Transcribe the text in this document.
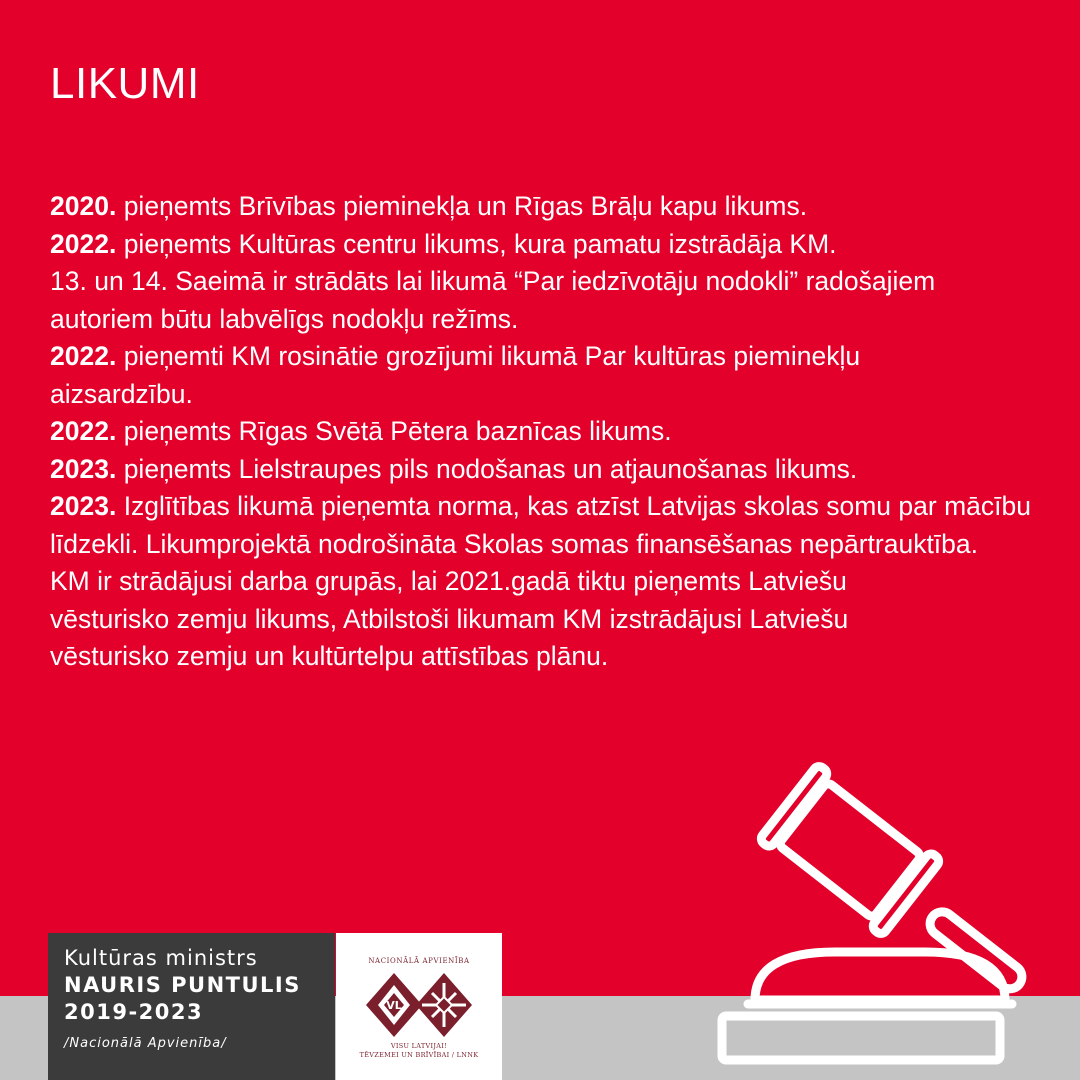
LIKUMI

2020. pieņemts Brīvības pieminekļa un Rīgas Brāļu kapu likums.

2022. pieņemts Kultūras centru likums, kura pamatu izstrādāja KM.

13. un 14. Saeimā ir strādāts lai likumā “Par iedzīvotāju nodokli” radošajiem autoriem būtu labvēlīgs nodokļu režīms.

2022. pieņemti KM rosinātie grozījumi likumā Par kultūras pieminekļu aizsardzību.

2022. pieņemts Rīgas Svētā Pētera baznīcas likums.

2023. pieņemts Lielstraupes pils nodošanas un atjaunošanas likums.

2023. Izglītības likumā pieņemta norma, kas atzīst Latvijas skolas somu par mācību līdzekli. Likumprojektā nodrošināta Skolas somas finansēšanas nepārtrauktība.

KM ir strādājusi darba grupās, lai 2021.gadā tiktu pieņemts Latviešu vēsturisko zemju likums, Atbilstoši likumam KM izstrādājusi Latviešu vēsturisko zemju un kultūrtelpu attīstības plānu.

Kultūras ministrs
NAURIS PUNTULIS
2019-2023
/Nacionālā Apvienība/
NACIONĀLĀ APVIENĪBA
VL
VISU LATVIJAI!
TĒVZEMEI UN BRĪVĪBAI / LNNK
